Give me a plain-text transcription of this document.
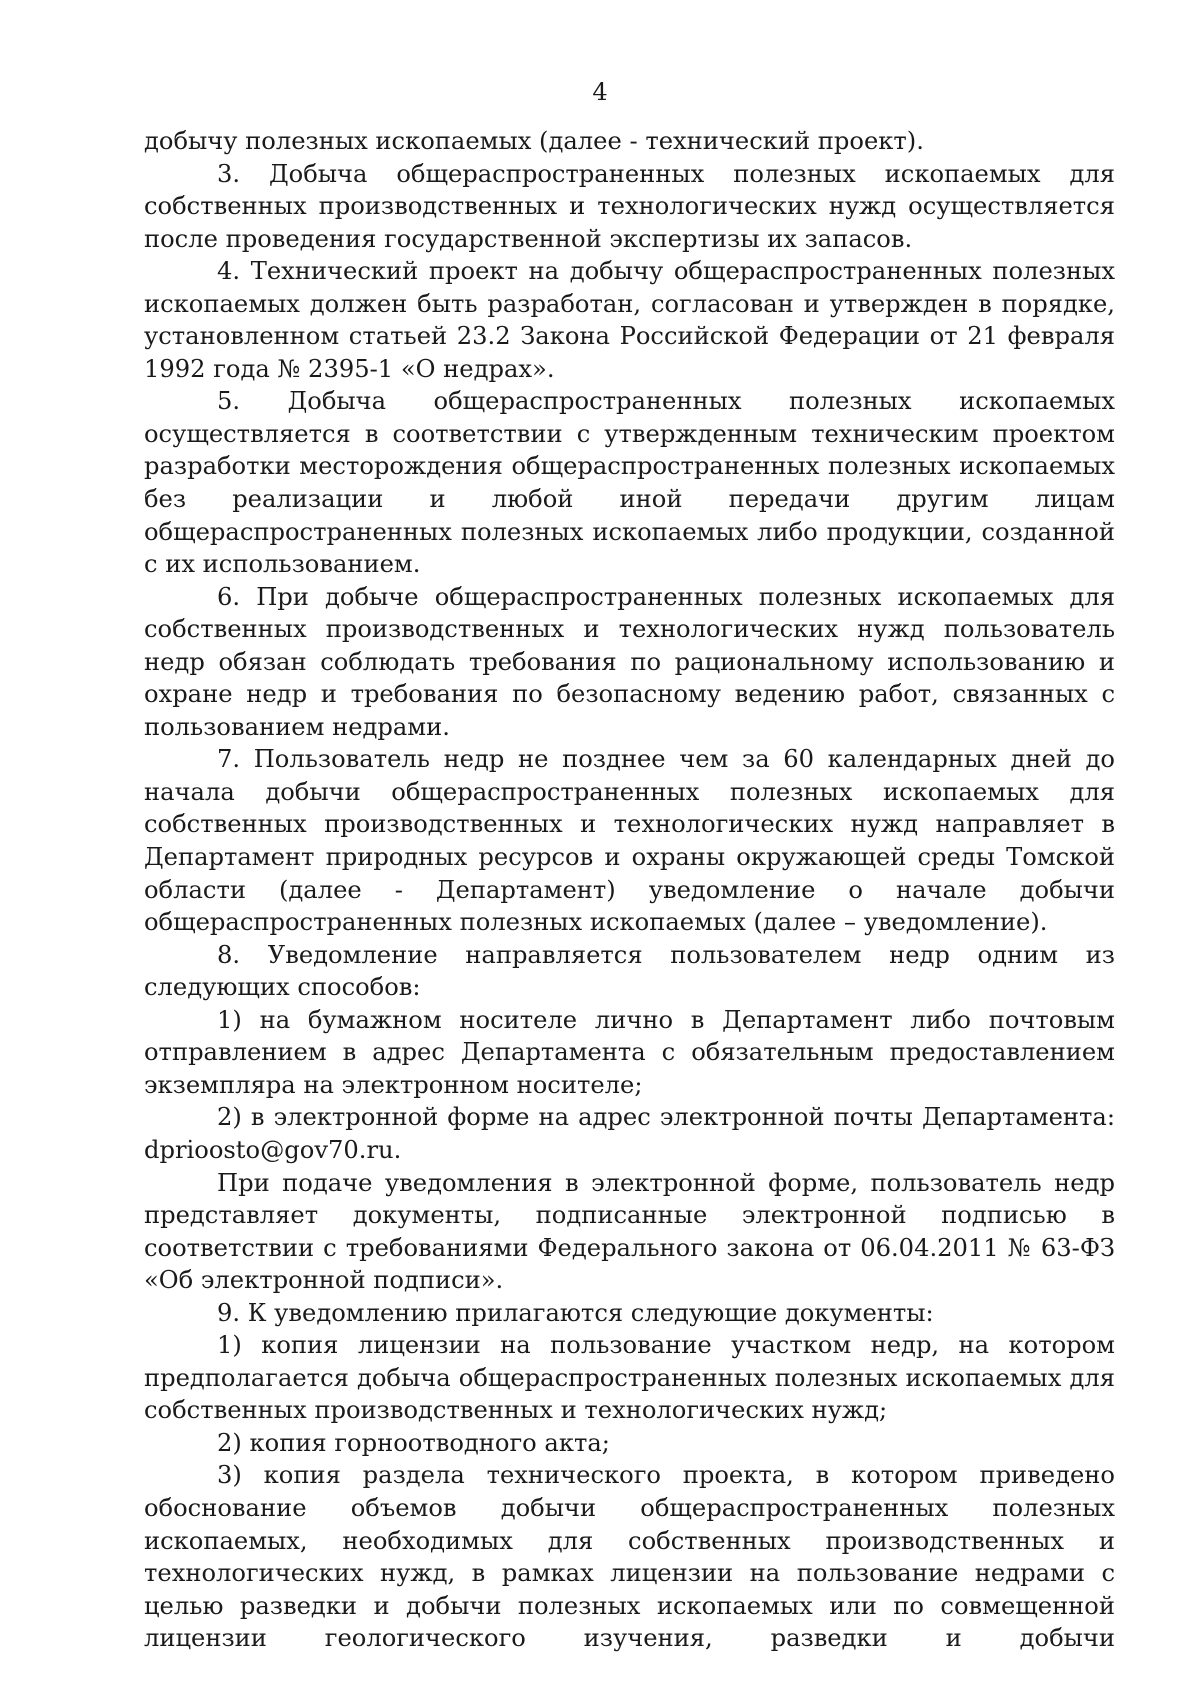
4

добычу полезных ископаемых (далее - технический проект).

3. Добыча общераспространенных полезных ископаемых для собственных производственных и технологических нужд осуществляется после проведения государственной экспертизы их запасов.

4. Технический проект на добычу общераспространенных полезных ископаемых должен быть разработан, согласован и утвержден в порядке, установленном статьей 23.2 Закона Российской Федерации от 21 февраля 1992 года № 2395-1 «О недрах».

5. Добыча общераспространенных полезных ископаемых осуществляется в соответствии с утвержденным техническим проектом разработки месторождения общераспространенных полезных ископаемых без реализации и любой иной передачи другим лицам общераспространенных полезных ископаемых либо продукции, созданной с их использованием.

6. При добыче общераспространенных полезных ископаемых для собственных производственных и технологических нужд пользователь недр обязан соблюдать требования по рациональному использованию и охране недр и требования по безопасному ведению работ, связанных с пользованием недрами.

7. Пользователь недр не позднее чем за 60 календарных дней до начала добычи общераспространенных полезных ископаемых для собственных производственных и технологических нужд направляет в Департамент природных ресурсов и охраны окружающей среды Томской области (далее - Департамент) уведомление о начале добычи общераспространенных полезных ископаемых (далее – уведомление).

8. Уведомление направляется пользователем недр одним из следующих способов:

1) на бумажном носителе лично в Департамент либо почтовым отправлением в адрес Департамента с обязательным предоставлением экземпляра на электронном носителе;

2) в электронной форме на адрес электронной почты Департамента: dprioosto@gov70.ru.

При подаче уведомления в электронной форме, пользователь недр представляет документы, подписанные электронной подписью в соответствии с требованиями Федерального закона от 06.04.2011 № 63-ФЗ «Об электронной подписи».

9. К уведомлению прилагаются следующие документы:

1) копия лицензии на пользование участком недр, на котором предполагается добыча общераспространенных полезных ископаемых для собственных производственных и технологических нужд;

2) копия горноотводного акта;

3) копия раздела технического проекта, в котором приведено обоснование объемов добычи общераспространенных полезных ископаемых, необходимых для собственных производственных и технологических нужд, в рамках лицензии на пользование недрами с целью разведки и добычи полезных ископаемых или по совмещенной лицензии геологического изучения, разведки и добычи
